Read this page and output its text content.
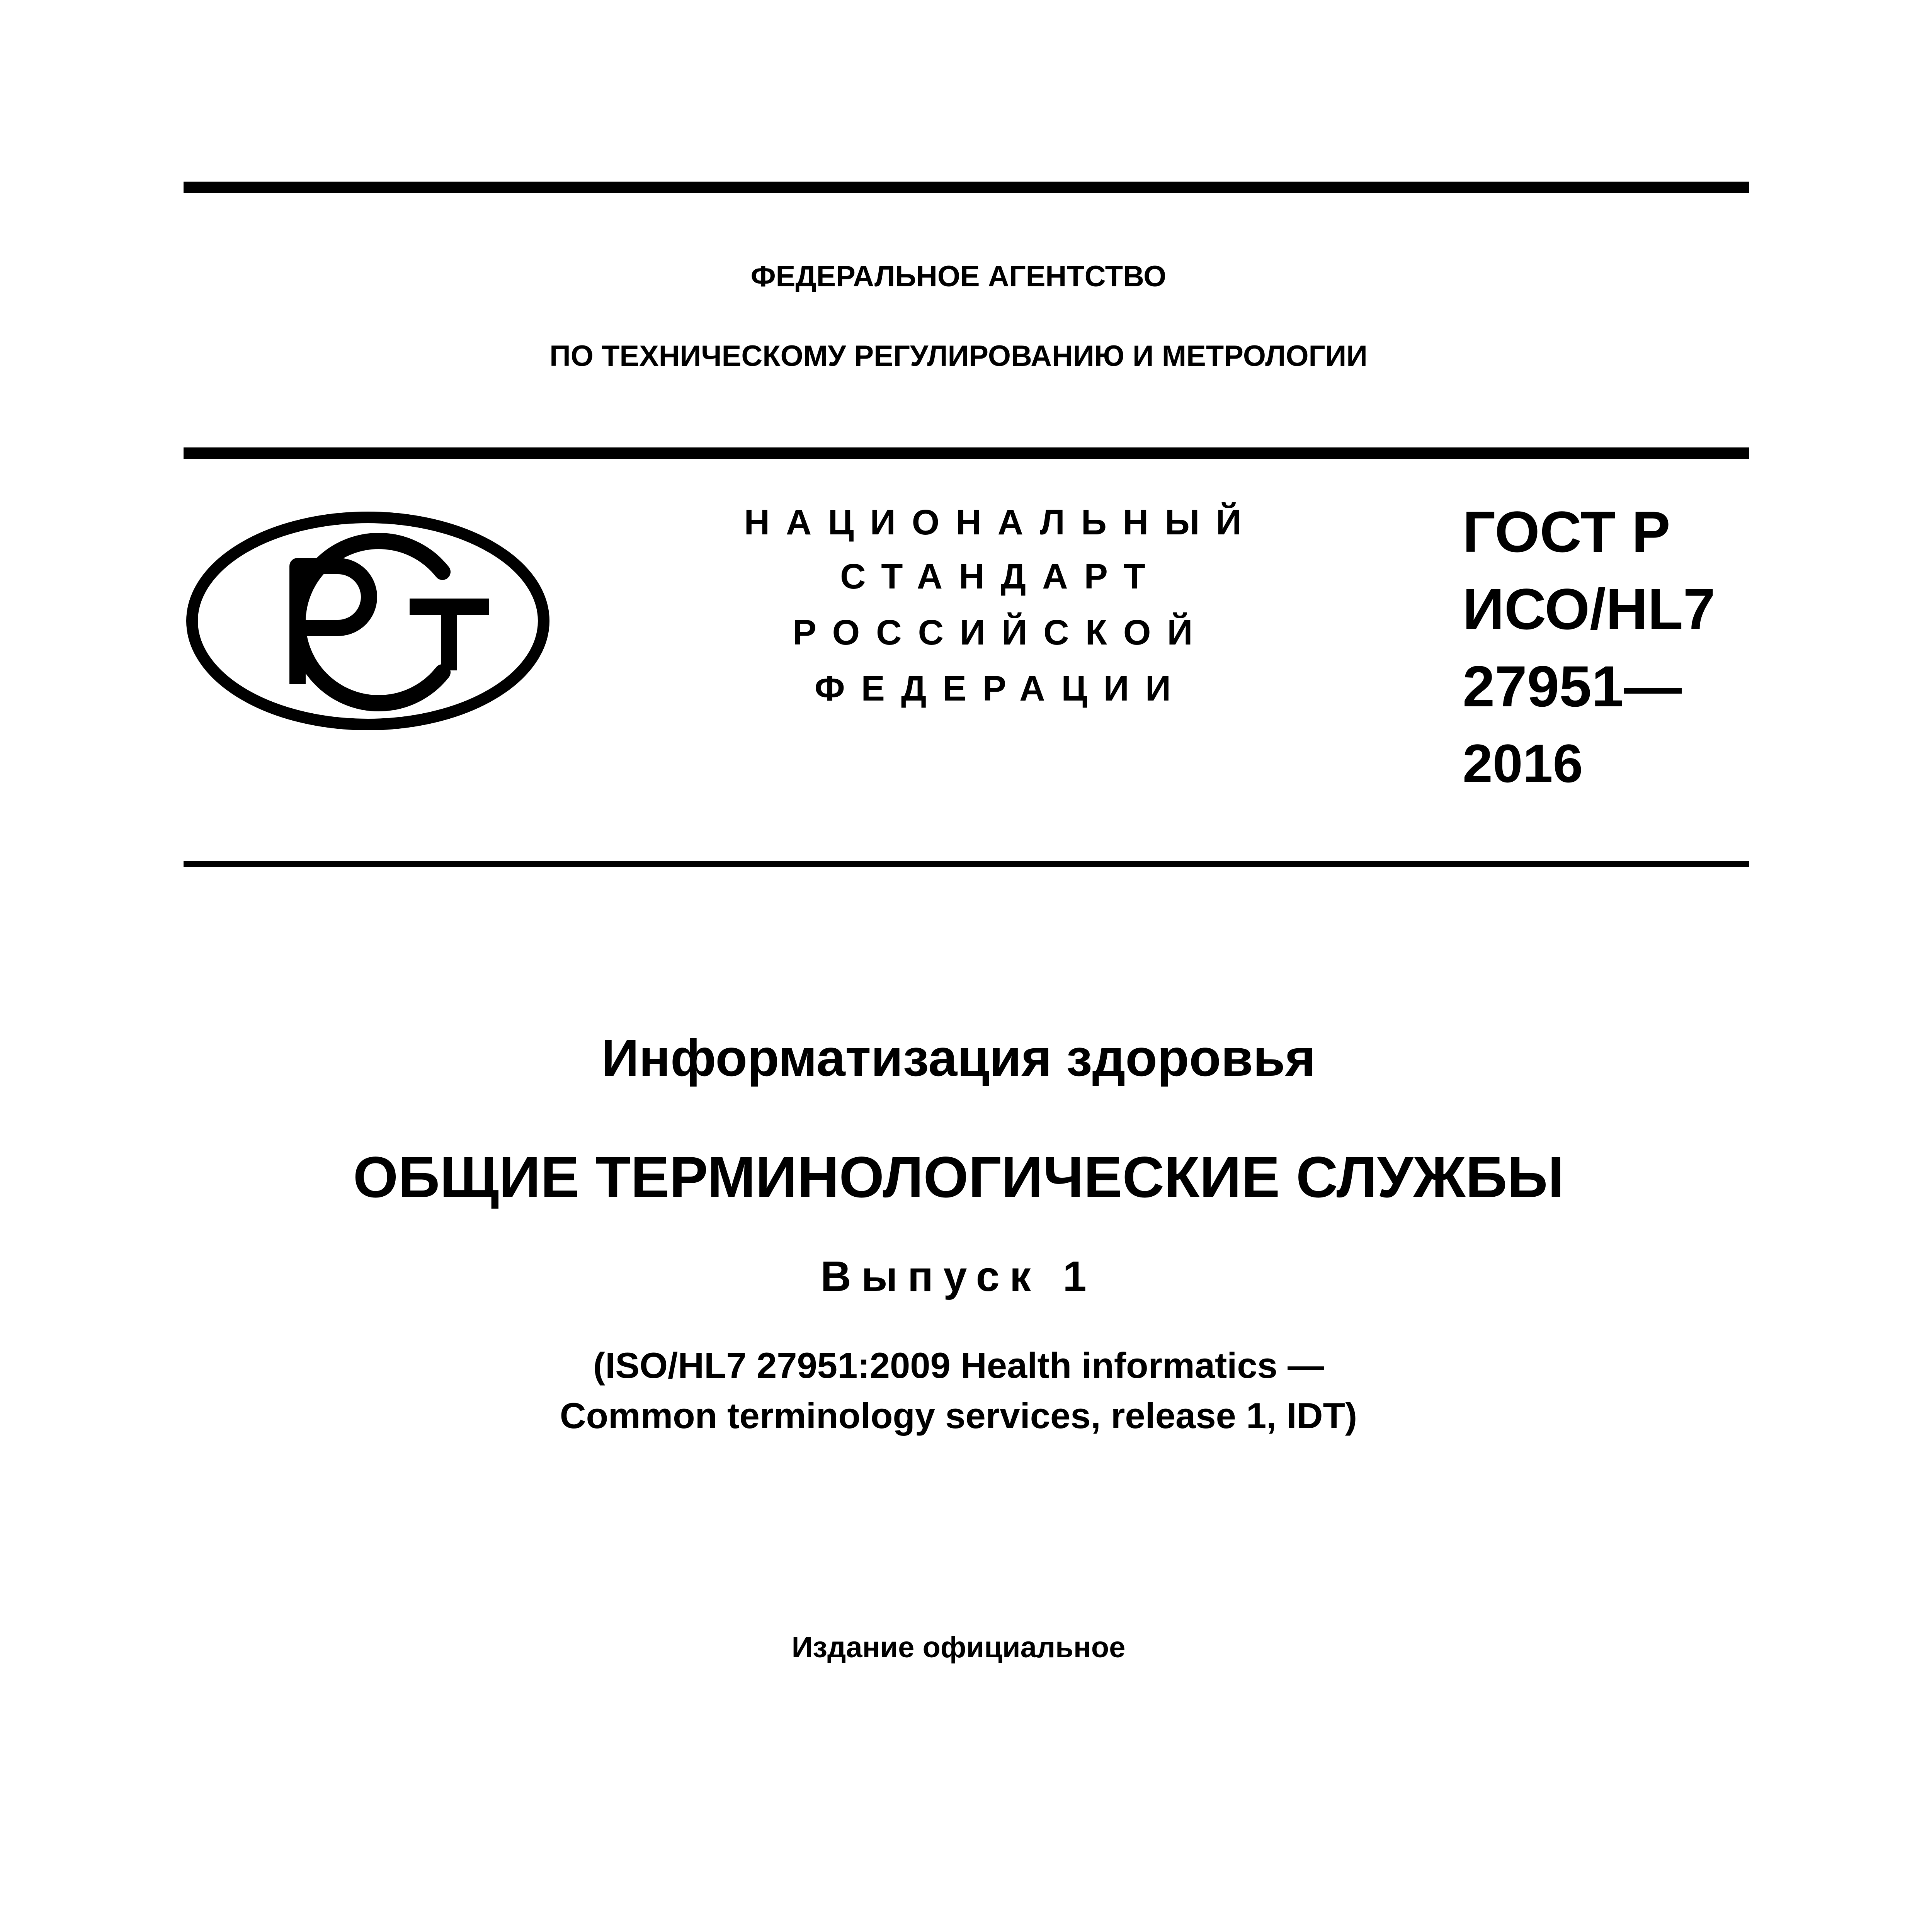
ФЕДЕРАЛЬНОЕ АГЕНТСТВО
ПО ТЕХНИЧЕСКОМУ РЕГУЛИРОВАНИЮ И МЕТРОЛОГИИ
НАЦИОНАЛЬНЫЙ
СТАНДАРТ
РОССИЙСКОЙ
ФЕДЕРАЦИИ
ГОСТ Р
ИСО/HL7
27951—
2016
Информатизация здоровья
ОБЩИЕ ТЕРМИНОЛОГИЧЕСКИЕ СЛУЖБЫ
Выпуск 1
(ISO/HL7 27951:2009 Health informatics —
Common terminology services, release 1, IDT)
Издание официальное
